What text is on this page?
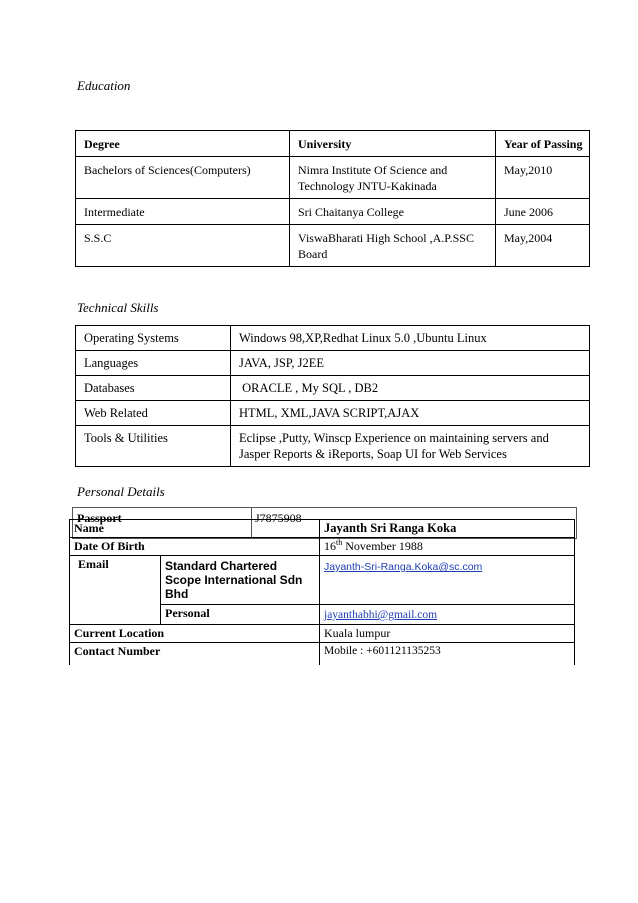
Education
Degree	University	Year of Passing
Bachelors of Sciences(Computers)	Nimra Institute Of Science and Technology JNTU-Kakinada	May,2010
Intermediate	Sri Chaitanya College	June 2006
S.S.C	ViswaBharati High School ,A.P.SSC Board	May,2004
Technical Skills
Operating Systems	Windows 98,XP,Redhat Linux 5.0 ,Ubuntu Linux
Languages	JAVA, JSP, J2EE
Databases	ORACLE , My SQL , DB2
Web Related	HTML, XML,JAVA SCRIPT,AJAX
Tools & Utilities	Eclipse ,Putty, Winscp Experience on maintaining servers and Jasper Reports & iReports, Soap UI for Web Services
Personal Details
Passport	J7875908
Name		Jayanth Sri Ranga Koka
Date Of Birth		16th November 1988
Email	Standard Chartered Scope International Sdn Bhd	Jayanth-Sri-Ranga.Koka@sc.com
	Personal	jayanthabhi@gmail.com
Current Location		Kuala lumpur
Contact Number		Mobile : +601121135253
